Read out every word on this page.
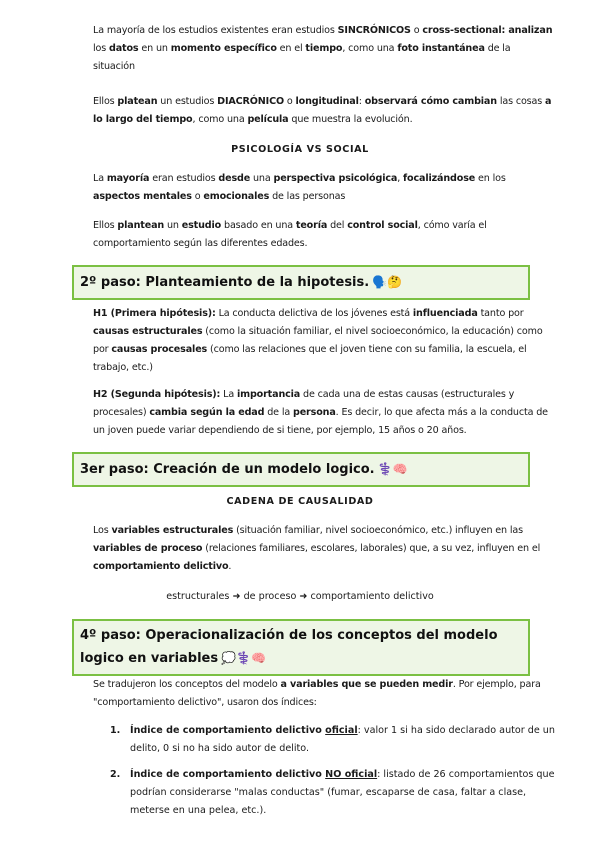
La mayoría de los estudios existentes eran estudios SINCRÓNICOS o cross-sectional: analizan los datos en un momento específico en el tiempo, como una foto instantánea de la situación
Ellos platean un estudios DIACRÓNICO o longitudinal: observará cómo cambian las cosas a lo largo del tiempo, como una película que muestra la evolución.
PSICOLOGÍA VS SOCIAL
La mayoría eran estudios desde una perspectiva psicológica, focalizándose en los aspectos mentales o emocionales de las personas
Ellos plantean un estudio basado en una teoría del control social, cómo varía el comportamiento según las diferentes edades.
2º paso: Planteamiento de la hipotesis. 🗣️🤔
H1 (Primera hipótesis): La conducta delictiva de los jóvenes está influenciada tanto por causas estructurales (como la situación familiar, el nivel socioeconómico, la educación) como por causas procesales (como las relaciones que el joven tiene con su familia, la escuela, el trabajo, etc.)
H2 (Segunda hipótesis): La importancia de cada una de estas causas (estructurales y procesales) cambia según la edad de la persona. Es decir, lo que afecta más a la conducta de un joven puede variar dependiendo de si tiene, por ejemplo, 15 años o 20 años.
3er paso: Creación de un modelo logico. ⚕️🧠
CADENA DE CAUSALIDAD
Los variables estructurales (situación familiar, nivel socioeconómico, etc.) influyen en las variables de proceso (relaciones familiares, escolares, laborales) que, a su vez, influyen en el comportamiento delictivo.
estructurales ➜ de proceso ➜ comportamiento delictivo
4º paso: Operacionalización de los conceptos del modelo logico en variables 💭⚕️🧠
Se tradujeron los conceptos del modelo a variables que se pueden medir. Por ejemplo, para "comportamiento delictivo", usaron dos índices:
1. Índice de comportamiento delictivo oficial: valor 1 si ha sido declarado autor de un delito, 0 si no ha sido autor de delito.
2. Índice de comportamiento delictivo NO oficial: listado de 26 comportamientos que podrían considerarse "malas conductas" (fumar, escaparse de casa, faltar a clase, meterse en una pelea, etc.).
